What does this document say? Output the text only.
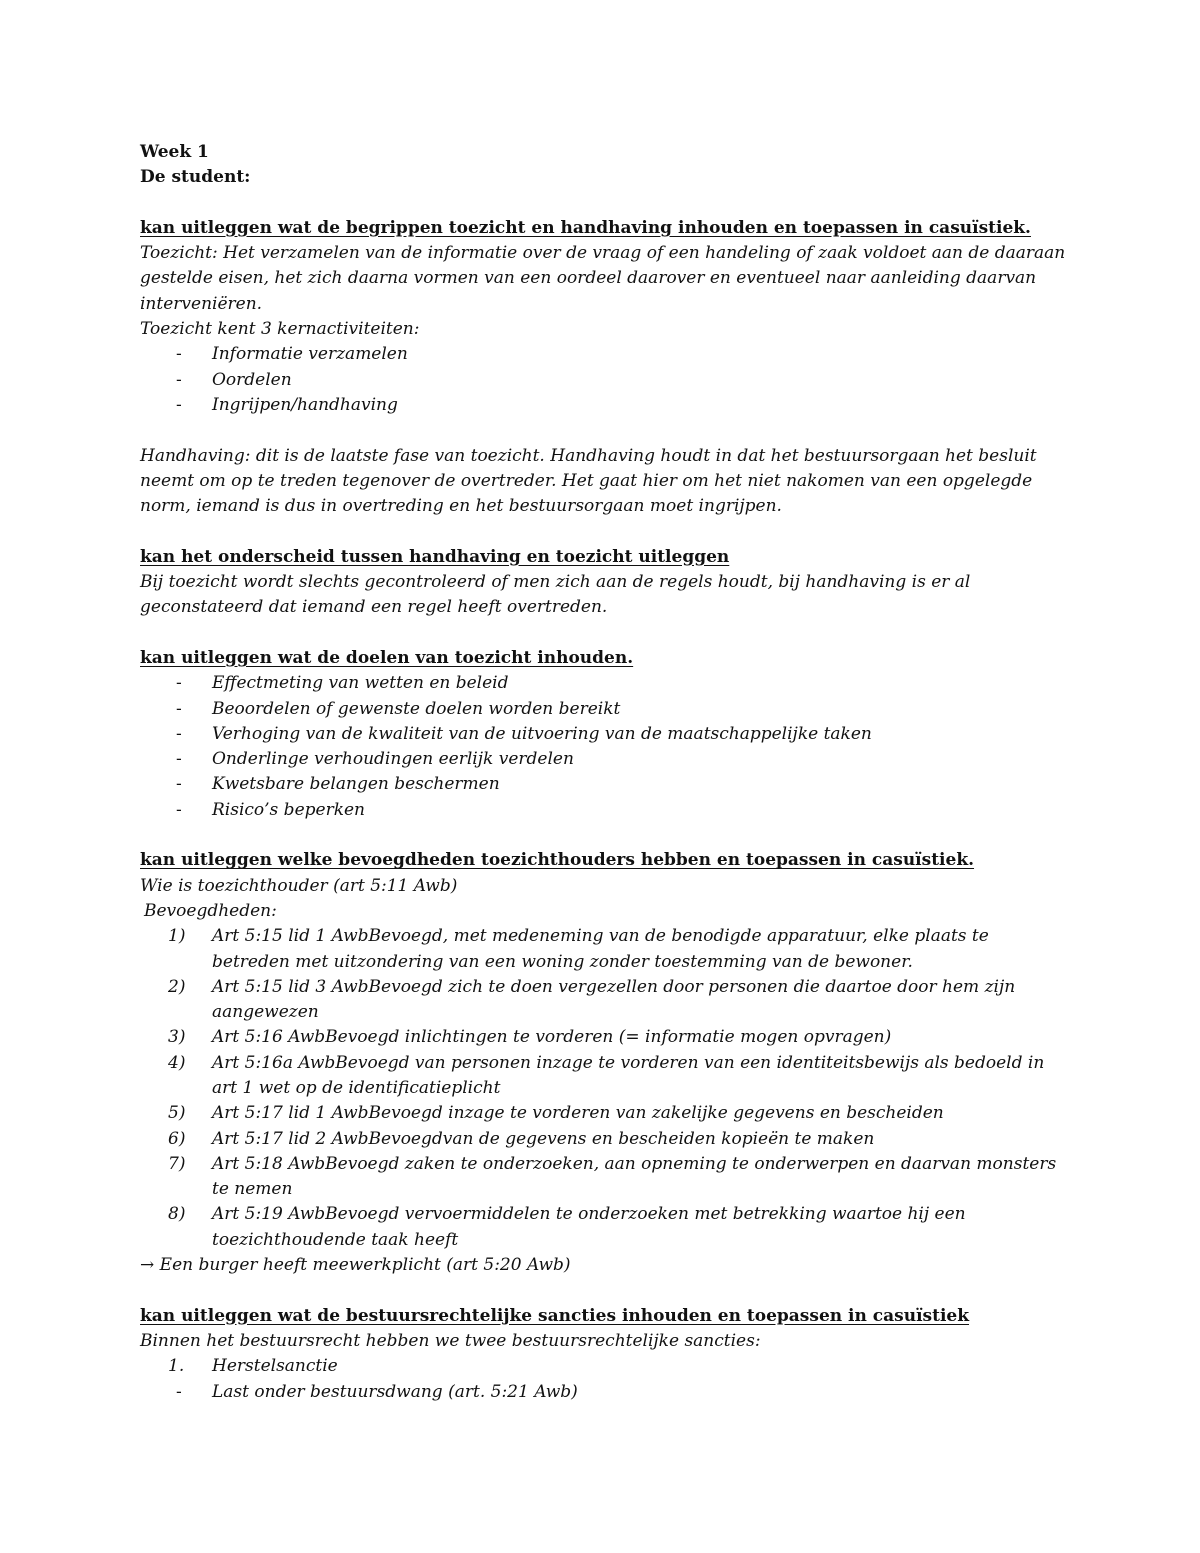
Week 1
De student:
kan uitleggen wat de begrippen toezicht en handhaving inhouden en toepassen in casuïstiek.
Toezicht: Het verzamelen van de informatie over de vraag of een handeling of zaak voldoet aan de daaraan gestelde eisen, het zich daarna vormen van een oordeel daarover en eventueel naar aanleiding daarvan interveniëren.
Toezicht kent 3 kernactiviteiten:
-	Informatie verzamelen
-	Oordelen
-	Ingrijpen/handhaving
Handhaving: dit is de laatste fase van toezicht. Handhaving houdt in dat het bestuursorgaan het besluit neemt om op te treden tegenover de overtreder. Het gaat hier om het niet nakomen van een opgelegde norm, iemand is dus in overtreding en het bestuursorgaan moet ingrijpen.
kan het onderscheid tussen handhaving en toezicht uitleggen
Bij toezicht wordt slechts gecontroleerd of men zich aan de regels houdt, bij handhaving is er al geconstateerd dat iemand een regel heeft overtreden.
kan uitleggen wat de doelen van toezicht inhouden.
-	Effectmeting van wetten en beleid
-	Beoordelen of gewenste doelen worden bereikt
-	Verhoging van de kwaliteit van de uitvoering van de maatschappelijke taken
-	Onderlinge verhoudingen eerlijk verdelen
-	Kwetsbare belangen beschermen
-	Risico’s beperken
kan uitleggen welke bevoegdheden toezichthouders hebben en toepassen in casuïstiek.
Wie is toezichthouder (art 5:11 Awb)
Bevoegdheden:
1)	Art 5:15 lid 1 AwbBevoegd, met medeneming van de benodigde apparatuur, elke plaats te betreden met uitzondering van een woning zonder toestemming van de bewoner.
2)	Art 5:15 lid 3 AwbBevoegd zich te doen vergezellen door personen die daartoe door hem zijn aangewezen
3)	Art 5:16 AwbBevoegd inlichtingen te vorderen (= informatie mogen opvragen)
4)	Art 5:16a AwbBevoegd van personen inzage te vorderen van een identiteitsbewijs als bedoeld in art 1 wet op de identificatieplicht
5)	Art 5:17 lid 1 AwbBevoegd inzage te vorderen van zakelijke gegevens en bescheiden
6)	Art 5:17 lid 2 AwbBevoegdvan de gegevens en bescheiden kopieën te maken
7)	Art 5:18 AwbBevoegd zaken te onderzoeken, aan opneming te onderwerpen en daarvan monsters te nemen
8)	Art 5:19 AwbBevoegd vervoermiddelen te onderzoeken met betrekking waartoe hij een toezichthoudende taak heeft
→ Een burger heeft meewerkplicht (art 5:20 Awb)
kan uitleggen wat de bestuursrechtelijke sancties inhouden en toepassen in casuïstiek
Binnen het bestuursrecht hebben we twee bestuursrechtelijke sancties:
1.	Herstelsanctie
-	Last onder bestuursdwang (art. 5:21 Awb)
